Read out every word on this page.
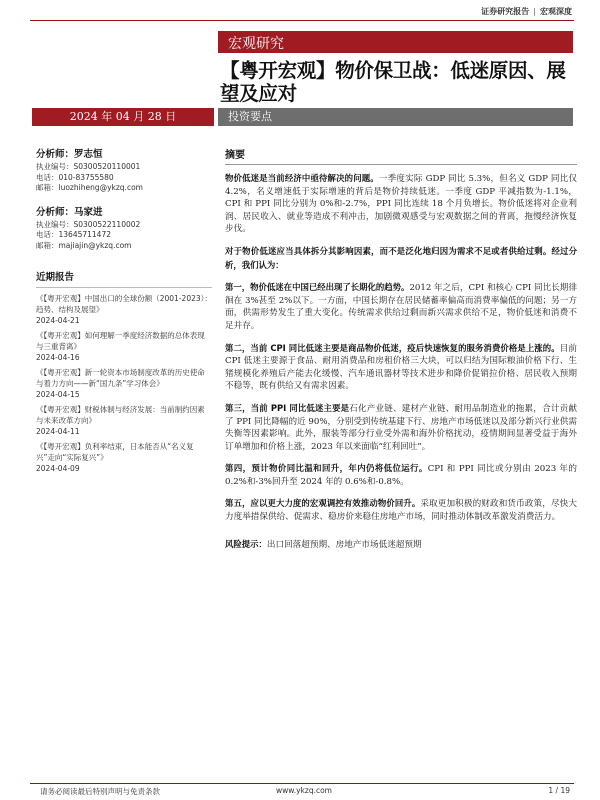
证券研究报告 | 宏观深度
宏观研究
【粤开宏观】物价保卫战：低迷原因、展望及应对
2024 年 04 月 28 日	投资要点
分析师：罗志恒
执业编号：S0300520110001
电话：010-83755580
邮箱：luozhiheng@ykzq.com
分析师：马家进
执业编号：S0300522110002
电话：13645711472
邮箱：majiajin@ykzq.com
近期报告
《【粤开宏观】中国出口的全球份额（2001-2023）：趋势、结构及展望》
2024-04-21
《【粤开宏观】如何理解一季度经济数据的总体表现与三重背离》
2024-04-16
《【粤开宏观】新一轮资本市场制度改革的历史使命与着力方向——新“国九条”学习体会》
2024-04-15
《【粤开宏观】财税体制与经济发展：当前制约因素与未来改革方向》
2024-04-11
《【粤开宏观】负利率结束，日本能否从“名义复兴”走向“实际复兴”》
2024-04-09
摘要

物价低迷是当前经济中亟待解决的问题。一季度实际 GDP 同比 5.3%，但名义 GDP 同比仅 4.2%，名义增速低于实际增速的背后是物价持续低迷。一季度 GDP 平减指数为-1.1%，CPI 和 PPI 同比分别为 0%和-2.7%，PPI 同比连续 18 个月负增长。物价低迷将对企业利润、居民收入、就业等造成不利冲击，加剧微观感受与宏观数据之间的背离，拖慢经济恢复步伐。

对于物价低迷应当具体拆分其影响因素，而不是泛化地归因为需求不足或者供给过剩。经过分析，我们认为：

第一，物价低迷在中国已经出现了长期化的趋势。2012 年之后，CPI 和核心 CPI 同比长期徘徊在 3%甚至 2%以下。一方面，中国长期存在居民储蓄率偏高而消费率偏低的问题；另一方面，供需形势发生了重大变化。传统需求供给过剩而新兴需求供给不足，物价低迷和消费不足并存。

第二，当前 CPI 同比低迷主要是商品物价低迷，疫后快速恢复的服务消费价格是上涨的。目前 CPI 低迷主要源于食品、耐用消费品和房租价格三大块，可以归结为国际粮油价格下行、生猪规模化养殖后产能去化缓慢、汽车通讯器材等技术进步和降价促销拉价格、居民收入预期不稳等，既有供给又有需求因素。

第三，当前 PPI 同比低迷主要是石化产业链、建材产业链、耐用品制造业的拖累，合计贡献了 PPI 同比降幅的近 90%，分别受到传统基建下行、房地产市场低迷以及部分新兴行业供需失衡等因素影响。此外，服装等部分行业受外需和海外价格扰动，疫情期间显著受益于海外订单增加和价格上涨，2023 年以来面临“红利回吐”。

第四，预计物价同比温和回升，年内仍将低位运行。CPI 和 PPI 同比或分别由 2023 年的 0.2%和-3%回升至 2024 年的 0.6%和-0.8%。

第五，应以更大力度的宏观调控有效推动物价回升。采取更加积极的财政和货币政策，尽快大力度举措保供给、促需求、稳房价来稳住房地产市场，同时推动体制改革激发消费活力。

风险提示：出口回落超预期、房地产市场低迷超预期

请务必阅读最后特别声明与免责条款	www.ykzq.com	1 / 19
